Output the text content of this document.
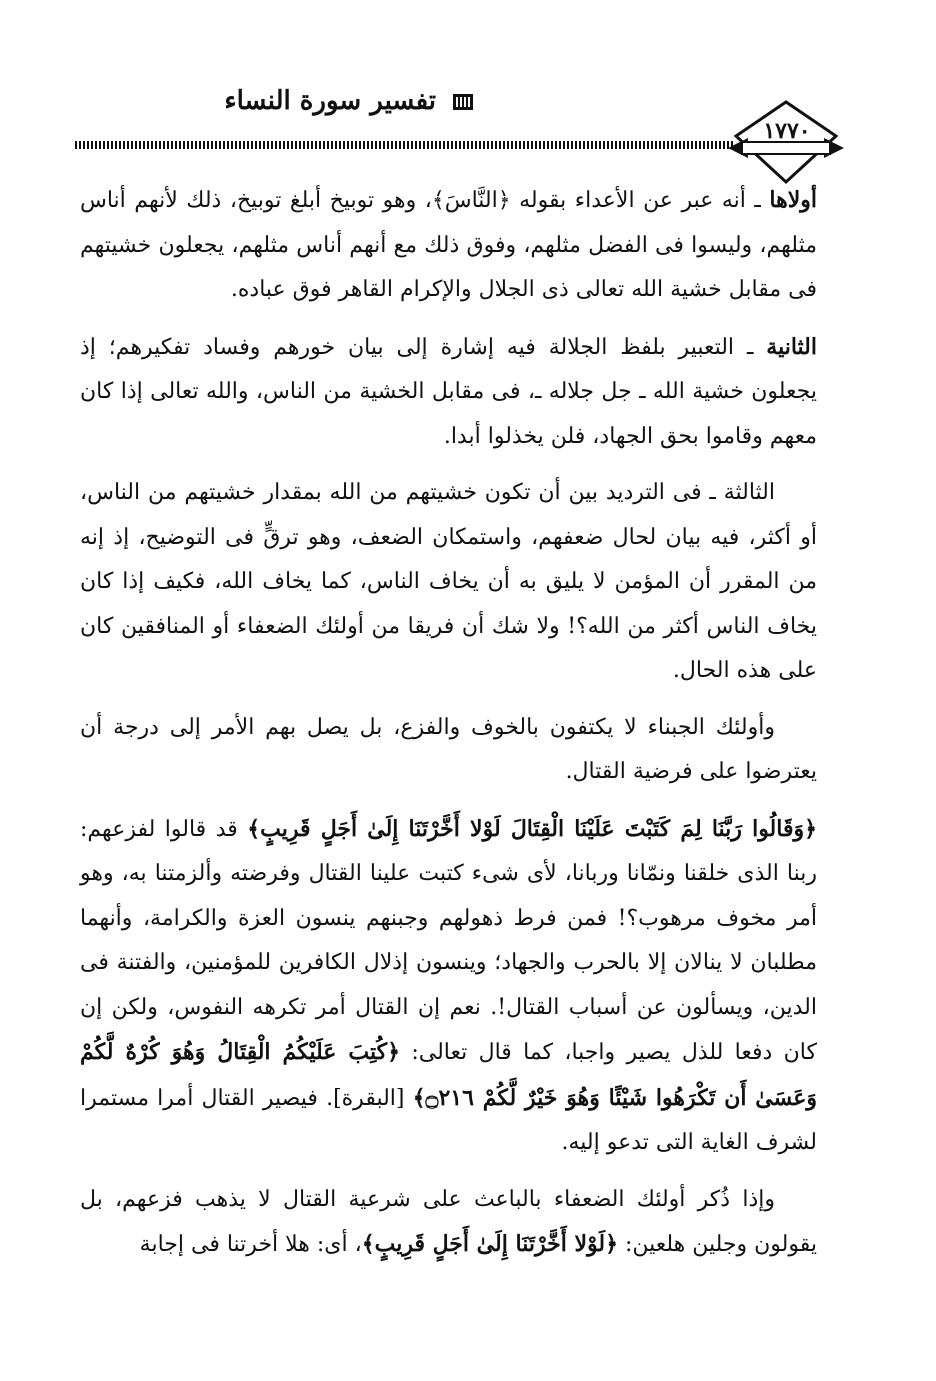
تفسير سورة النساء
١٧٧٠

أولاها ـ أنه عبر عن الأعداء بقوله ﴿النَّاسَ﴾، وهو توبيخ أبلغ توبيخ، ذلك لأنهم أناس مثلهم، وليسوا فى الفضل مثلهم، وفوق ذلك مع أنهم أناس مثلهم، يجعلون خشيتهم فى مقابل خشية الله تعالى ذى الجلال والإكرام القاهر فوق عباده.

الثانية ـ التعبير بلفظ الجلالة فيه إشارة إلى بيان خورهم وفساد تفكيرهم؛ إذ يجعلون خشية الله ـ جل جلاله ـ، فى مقابل الخشية من الناس، والله تعالى إذا كان معهم وقاموا بحق الجهاد، فلن يخذلوا أبدا.

الثالثة ـ فى الترديد بين أن تكون خشيتهم من الله بمقدار خشيتهم من الناس، أو أكثر، فيه بيان لحال ضعفهم، واستمكان الضعف، وهو ترقٍّ فى التوضيح، إذ إنه من المقرر أن المؤمن لا يليق به أن يخاف الناس، كما يخاف الله، فكيف إذا كان يخاف الناس أكثر من الله؟! ولا شك أن فريقا من أولئك الضعفاء أو المنافقين كان على هذه الحال.

وأولئك الجبناء لا يكتفون بالخوف والفزع، بل يصل بهم الأمر إلى درجة أن يعترضوا على فرضية القتال.

﴿وَقَالُوا رَبَّنَا لِمَ كَتَبْتَ عَلَيْنَا الْقِتَالَ لَوْلا أَخَّرْتَنَا إِلَىٰ أَجَلٍ قَرِيبٍ﴾ قد قالوا لفزعهم: ربنا الذى خلقنا ونمّانا وربانا، لأى شىء كتبت علينا القتال وفرضته وألزمتنا به، وهو أمر مخوف مرهوب؟! فمن فرط ذهولهم وجبنهم ينسون العزة والكرامة، وأنهما مطلبان لا ينالان إلا بالحرب والجهاد؛ وينسون إذلال الكافرين للمؤمنين، والفتنة فى الدين، ويسألون عن أسباب القتال!. نعم إن القتال أمر تكرهه النفوس، ولكن إن كان دفعا للذل يصير واجبا، كما قال تعالى: ﴿كُتِبَ عَلَيْكُمُ الْقِتَالُ وَهُوَ كُرْهٌ لَّكُمْ وَعَسَىٰ أَن تَكْرَهُوا شَيْئًا وَهُوَ خَيْرٌ لَّكُمْ ۝٢١٦﴾ [البقرة]. فيصير القتال أمرا مستمرا لشرف الغاية التى تدعو إليه.

وإذا ذُكر أولئك الضعفاء بالباعث على شرعية القتال لا يذهب فزعهم، بل يقولون وجلين هلعين: ﴿لَوْلا أَخَّرْتَنَا إِلَىٰ أَجَلٍ قَرِيبٍ﴾، أى: هلا أخرتنا فى إجابة
